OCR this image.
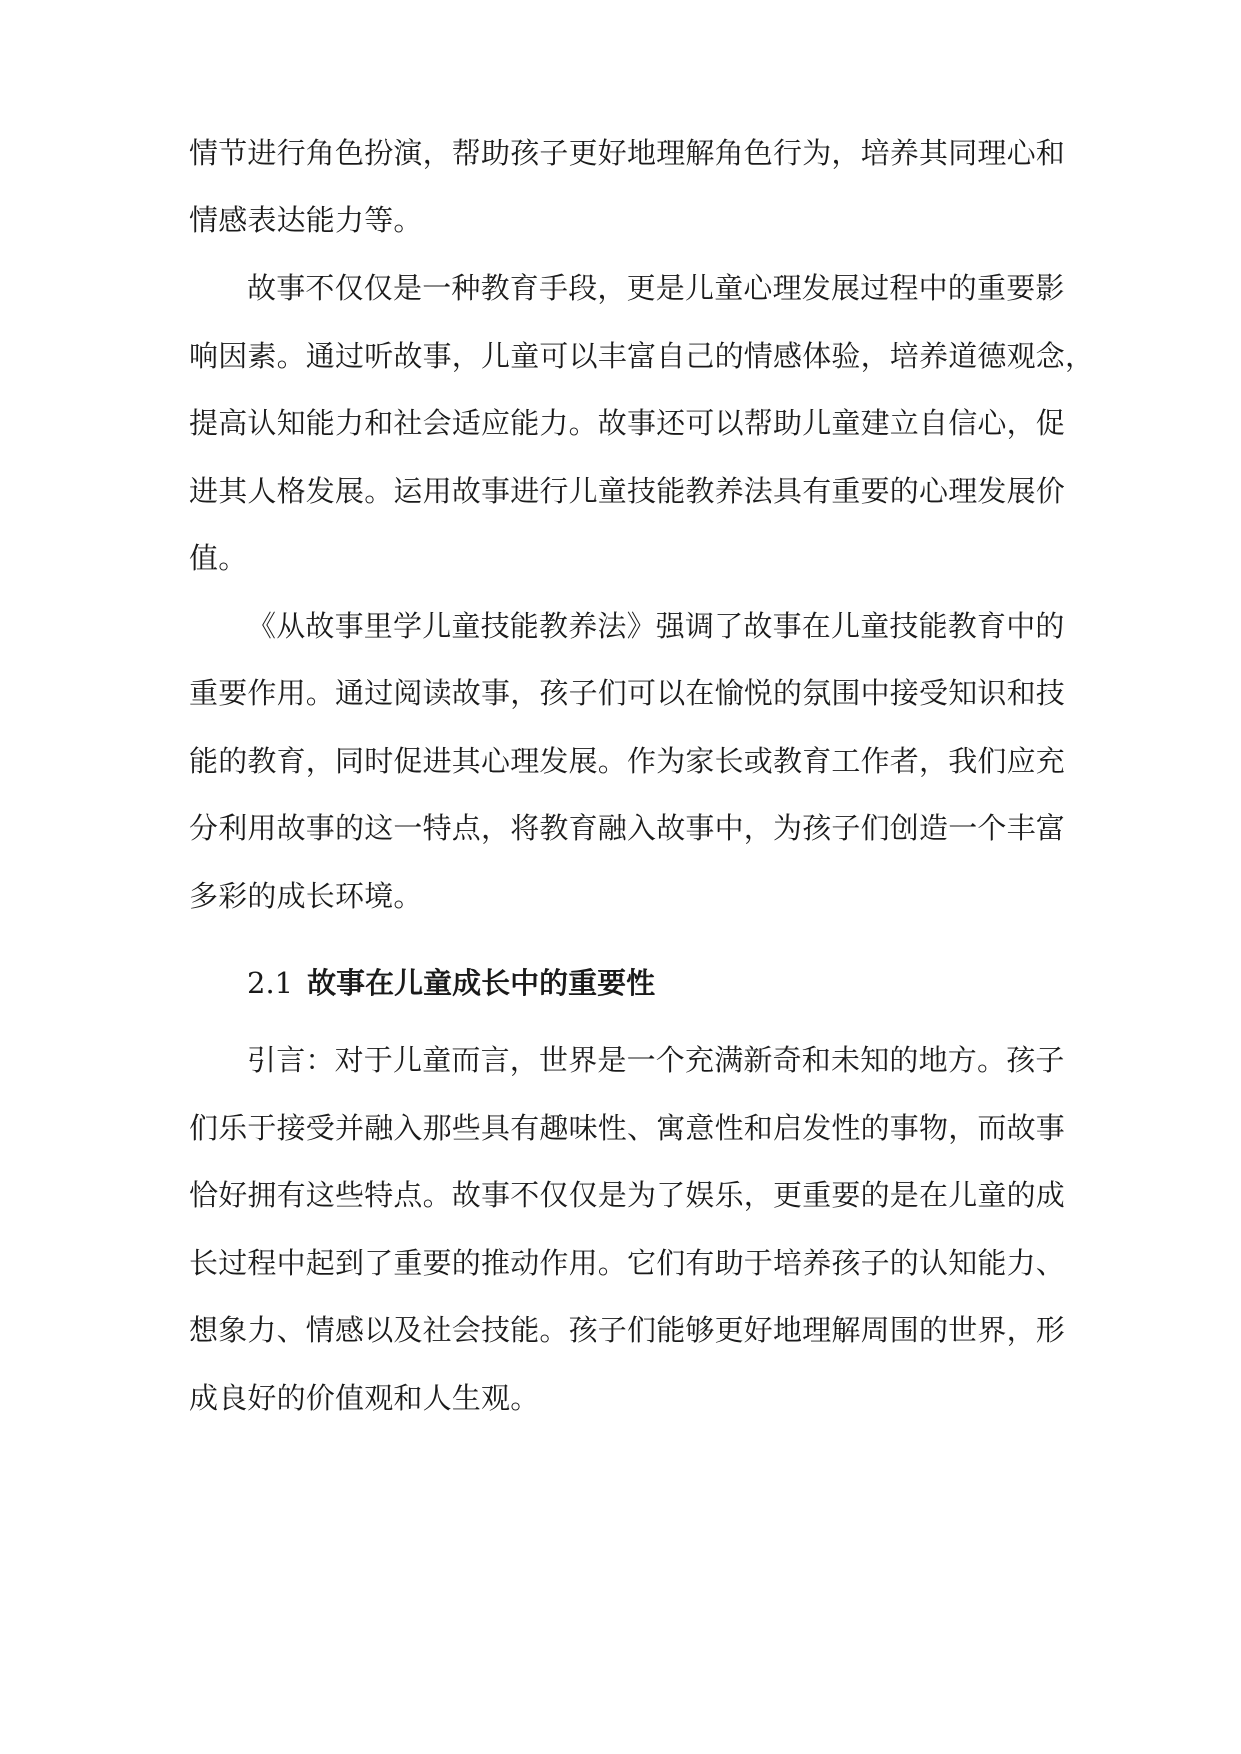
情节进行角色扮演，帮助孩子更好地理解角色行为，培养其同理心和
情感表达能力等。
故事不仅仅是一种教育手段，更是儿童心理发展过程中的重要影
响因素。通过听故事，儿童可以丰富自己的情感体验，培养道德观念，
提高认知能力和社会适应能力。故事还可以帮助儿童建立自信心，促
进其人格发展。运用故事进行儿童技能教养法具有重要的心理发展价
值。
《从故事里学儿童技能教养法》强调了故事在儿童技能教育中的
重要作用。通过阅读故事，孩子们可以在愉悦的氛围中接受知识和技
能的教育，同时促进其心理发展。作为家长或教育工作者，我们应充
分利用故事的这一特点，将教育融入故事中，为孩子们创造一个丰富
多彩的成长环境。
2.1 故事在儿童成长中的重要性
引言：对于儿童而言，世界是一个充满新奇和未知的地方。孩子
们乐于接受并融入那些具有趣味性、寓意性和启发性的事物，而故事
恰好拥有这些特点。故事不仅仅是为了娱乐，更重要的是在儿童的成
长过程中起到了重要的推动作用。它们有助于培养孩子的认知能力、
想象力、情感以及社会技能。孩子们能够更好地理解周围的世界，形
成良好的价值观和人生观。
